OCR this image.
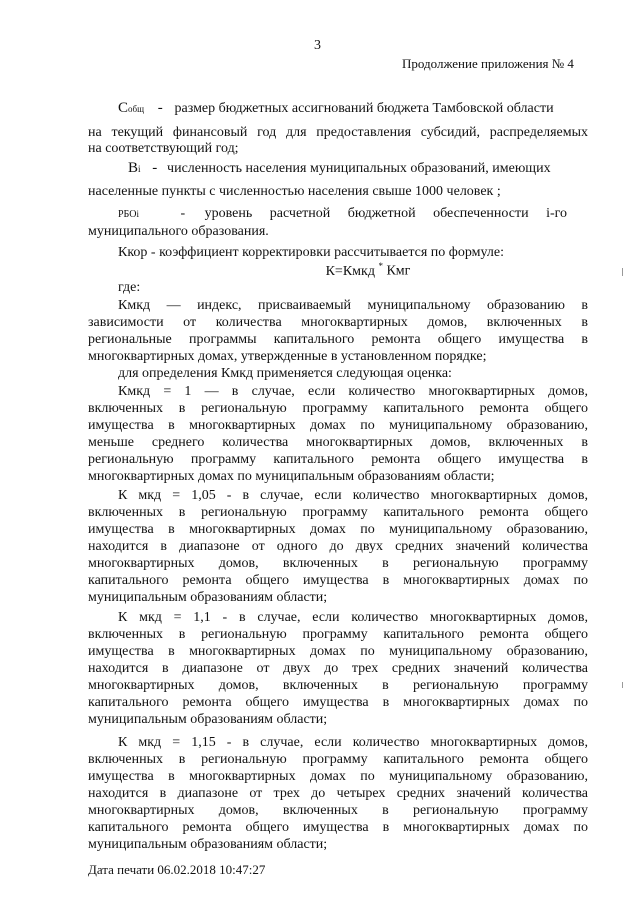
3
Продолжение приложения № 4
Собщ - размер бюджетных ассигнований бюджета Тамбовской области
на текущий финансовый год для предоставления субсидий, распределяемых
на соответствующий год;
Вi - численность населения муниципальных образований, имеющих
населенные пункты с численностью населения свыше 1000 человек ;
РБОi	- уровень расчетной бюджетной обеспеченности i-го
муниципального образования.
Ккор - коэффициент корректировки рассчитывается по формуле:
К=Кмкд * Кмг
где:
Кмкд — индекс, присваиваемый муниципальному образованию в
зависимости от количества многоквартирных домов, включенных в
региональные программы капитального ремонта общего имущества в
многоквартирных домах, утвержденные в установленном порядке;
для определения Кмкд применяется следующая оценка:
Кмкд = 1 — в случае, если количество многоквартирных домов,
включенных в региональную программу капитального ремонта общего
имущества в многоквартирных домах по муниципальному образованию,
меньше среднего количества многоквартирных домов, включенных в
региональную программу капитального ремонта общего имущества в
многоквартирных домах по муниципальным образованиям области;
К мкд = 1,05 - в случае, если количество многоквартирных домов,
включенных в региональную программу капитального ремонта общего
имущества в многоквартирных домах по муниципальному образованию,
находится в диапазоне от одного до двух средних значений количества
многоквартирных домов, включенных в региональную программу
капитального ремонта общего имущества в многоквартирных домах по
муниципальным образованиям области;
К мкд = 1,1 - в случае, если количество многоквартирных домов,
включенных в региональную программу капитального ремонта общего
имущества в многоквартирных домах по муниципальному образованию,
находится в диапазоне от двух до трех средних значений количества
многоквартирных домов, включенных в региональную программу
капитального ремонта общего имущества в многоквартирных домах по
муниципальным образованиям области;
К мкд = 1,15 - в случае, если количество многоквартирных домов,
включенных в региональную программу капитального ремонта общего
имущества в многоквартирных домах по муниципальному образованию,
находится в диапазоне от трех до четырех средних значений количества
многоквартирных домов, включенных в региональную программу
капитального ремонта общего имущества в многоквартирных домах по
муниципальным образованиям области;
Дата печати 06.02.2018 10:47:27
